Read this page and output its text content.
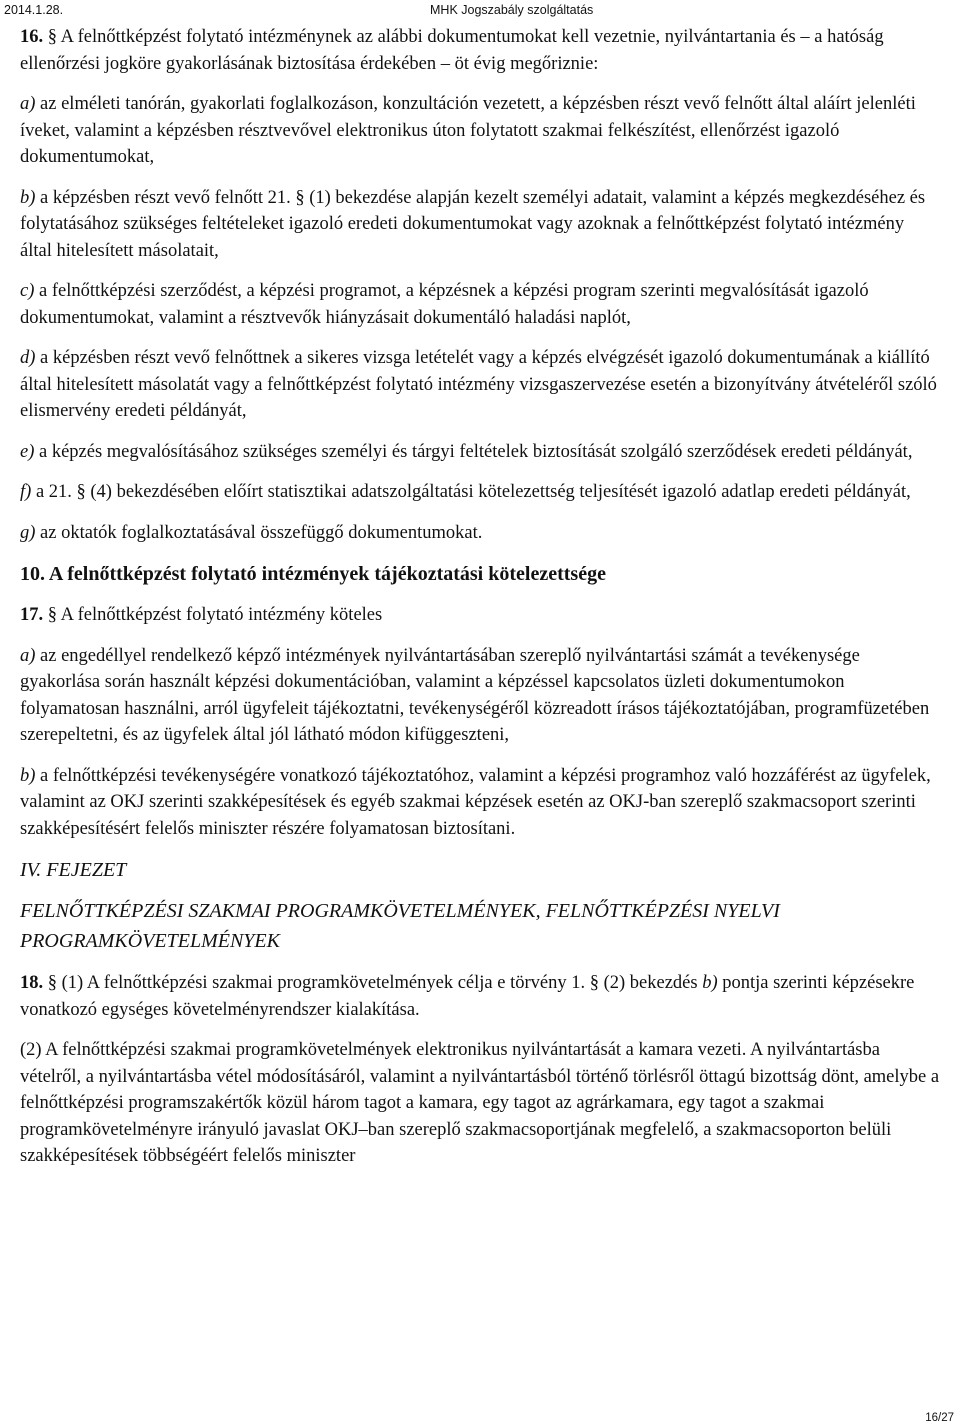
2014.1.28.	MHK Jogszabály szolgáltatás

16. § A felnőttképzést folytató intézménynek az alábbi dokumentumokat kell vezetnie, nyilvántartania és – a hatóság ellenőrzési jogköre gyakorlásának biztosítása érdekében – öt évig megőriznie:

a) az elméleti tanórán, gyakorlati foglalkozáson, konzultáción vezetett, a képzésben részt vevő felnőtt által aláírt jelenléti íveket, valamint a képzésben résztvevővel elektronikus úton folytatott szakmai felkészítést, ellenőrzést igazoló dokumentumokat,

b) a képzésben részt vevő felnőtt 21. § (1) bekezdése alapján kezelt személyi adatait, valamint a képzés megkezdéséhez és folytatásához szükséges feltételeket igazoló eredeti dokumentumokat vagy azoknak a felnőttképzést folytató intézmény által hitelesített másolatait,

c) a felnőttképzési szerződést, a képzési programot, a képzésnek a képzési program szerinti megvalósítását igazoló dokumentumokat, valamint a résztvevők hiányzásait dokumentáló haladási naplót,

d) a képzésben részt vevő felnőttnek a sikeres vizsga letételét vagy a képzés elvégzését igazoló dokumentumának a kiállító által hitelesített másolatát vagy a felnőttképzést folytató intézmény vizsgaszervezése esetén a bizonyítvány átvételéről szóló elismervény eredeti példányát,

e) a képzés megvalósításához szükséges személyi és tárgyi feltételek biztosítását szolgáló szerződések eredeti példányát,

f) a 21. § (4) bekezdésében előírt statisztikai adatszolgáltatási kötelezettség teljesítését igazoló adatlap eredeti példányát,

g) az oktatók foglalkoztatásával összefüggő dokumentumokat.

10. A felnőttképzést folytató intézmények tájékoztatási kötelezettsége

17. § A felnőttképzést folytató intézmény köteles

a) az engedéllyel rendelkező képző intézmények nyilvántartásában szereplő nyilvántartási számát a tevékenysége gyakorlása során használt képzési dokumentációban, valamint a képzéssel kapcsolatos üzleti dokumentumokon folyamatosan használni, arról ügyfeleit tájékoztatni, tevékenységéről közreadott írásos tájékoztatójában, programfüzetében szerepeltetni, és az ügyfelek által jól látható módon kifüggeszteni,

b) a felnőttképzési tevékenységére vonatkozó tájékoztatóhoz, valamint a képzési programhoz való hozzáférést az ügyfelek, valamint az OKJ szerinti szakképesítések és egyéb szakmai képzések esetén az OKJ-ban szereplő szakmacsoport szerinti szakképesítésért felelős miniszter részére folyamatosan biztosítani.

IV. FEJEZET
FELNŐTTKÉPZÉSI SZAKMAI PROGRAMKÖVETELMÉNYEK, FELNŐTTKÉPZÉSI NYELVI PROGRAMKÖVETELMÉNYEK

18. § (1) A felnőttképzési szakmai programkövetelmények célja e törvény 1. § (2) bekezdés b) pontja szerinti képzésekre vonatkozó egységes követelményrendszer kialakítása.

(2) A felnőttképzési szakmai programkövetelmények elektronikus nyilvántartását a kamara vezeti. A nyilvántartásba vételről, a nyilvántartásba vétel módosításáról, valamint a nyilvántartásból történő törlésről öttagú bizottság dönt, amelybe a felnőttképzési programszakértők közül három tagot a kamara, egy tagot az agrárkamara, egy tagot a szakmai programkövetelményre irányuló javaslat OKJ–ban szereplő szakmacsoportjának megfelelő, a szakmacsoporton belüli szakképesítések többségéért felelős miniszter

16/27
